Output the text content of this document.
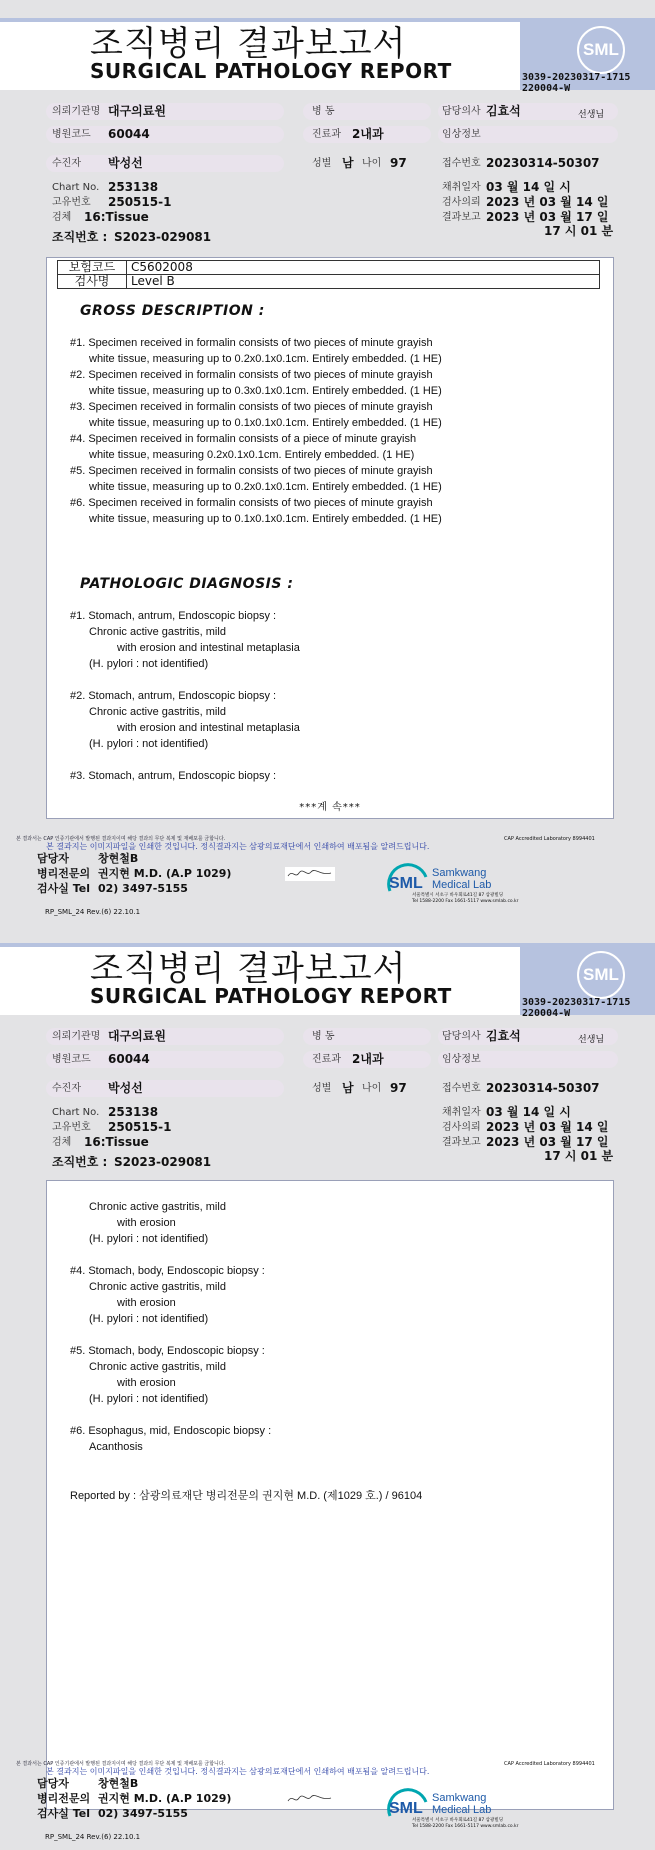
조직병리 결과보고서
SURGICAL PATHOLOGY REPORT
SML
3039-20230317-1715
220004-W
의뢰기관명 대구의료원	병 동	담당의사 김효석	선생님
병원코드 60044	진료과 2내과	임상정보
수진자 박성선	성별 남 나이 97	접수번호 20230314-50307
Chart No. 253138
고유번호 250515-1
검체 16:Tissue
조직번호 : S2023-029081
채취일자 03 월 14 일 시
검사의뢰 2023 년 03 월 14 일
결과보고 2023 년 03 월 17 일
17 시 01 분
보험코드	C5602008
검사명	Level B
GROSS DESCRIPTION :
#1. Specimen received in formalin consists of two pieces of minute grayish
white tissue, measuring up to 0.2x0.1x0.1cm. Entirely embedded. (1 HE)
#2. Specimen received in formalin consists of two pieces of minute grayish
white tissue, measuring up to 0.3x0.1x0.1cm. Entirely embedded. (1 HE)
#3. Specimen received in formalin consists of two pieces of minute grayish
white tissue, measuring up to 0.1x0.1x0.1cm. Entirely embedded. (1 HE)
#4. Specimen received in formalin consists of a piece of minute grayish
white tissue, measuring 0.2x0.1x0.1cm. Entirely embedded. (1 HE)
#5. Specimen received in formalin consists of two pieces of minute grayish
white tissue, measuring up to 0.2x0.1x0.1cm. Entirely embedded. (1 HE)
#6. Specimen received in formalin consists of two pieces of minute grayish
white tissue, measuring up to 0.1x0.1x0.1cm. Entirely embedded. (1 HE)
PATHOLOGIC DIAGNOSIS :
#1. Stomach, antrum, Endoscopic biopsy :
Chronic active gastritis, mild
with erosion and intestinal metaplasia
(H. pylori : not identified)
#2. Stomach, antrum, Endoscopic biopsy :
Chronic active gastritis, mild
with erosion and intestinal metaplasia
(H. pylori : not identified)
#3. Stomach, antrum, Endoscopic biopsy :
***계 속***
본 결과서는 CAP 인증기관에서 발행된 결과지이며 해당 결과의 무단 복제 및 재배포를 금합니다.	CAP Accredited Laboratory 8994401
본 결과지는 이미지파일을 인쇄한 것입니다. 정식결과지는 삼광의료재단에서 인쇄하여 배포됨을 알려드립니다.
담당자	창현철B
병리전문의 권지현 M.D. (A.P 1029)
검사실 Tel 02) 3497-5155	SML
Samkwang
Medical Lab
서울특별시 서초구 바우뫼로41길 87 삼광빌딩
Tel 1588-2200 Fax 1661-5117 www.smlab.co.kr
RP_SML_24 Rev.(6) 22.10.1
조직병리 결과보고서
SURGICAL PATHOLOGY REPORT
SML
3039-20230317-1715
220004-W
의뢰기관명 대구의료원	병 동	담당의사 김효석	선생님
병원코드 60044	진료과 2내과	임상정보
수진자 박성선	성별 남 나이 97	접수번호 20230314-50307
Chart No. 253138
고유번호 250515-1
검체 16:Tissue
조직번호 : S2023-029081
채취일자 03 월 14 일 시
검사의뢰 2023 년 03 월 14 일
결과보고 2023 년 03 월 17 일
17 시 01 분
Chronic active gastritis, mild
with erosion
(H. pylori : not identified)
#4. Stomach, body, Endoscopic biopsy :
Chronic active gastritis, mild
with erosion
(H. pylori : not identified)
#5. Stomach, body, Endoscopic biopsy :
Chronic active gastritis, mild
with erosion
(H. pylori : not identified)
#6. Esophagus, mid, Endoscopic biopsy :
Acanthosis
Reported by : 삼광의료재단 병리전문의 권지현 M.D. (제1029 호.) / 96104
본 결과서는 CAP 인증기관에서 발행된 결과지이며 해당 결과의 무단 복제 및 재배포를 금합니다.	CAP Accredited Laboratory 8994401
본 결과지는 이미지파일을 인쇄한 것입니다. 정식결과지는 삼광의료재단에서 인쇄하여 배포됨을 알려드립니다.
담당자	창현철B
병리전문의 권지현 M.D. (A.P 1029)
검사실 Tel 02) 3497-5155	SML
Samkwang
Medical Lab
서울특별시 서초구 바우뫼로41길 87 삼광빌딩
Tel 1588-2200 Fax 1661-5117 www.smlab.co.kr
RP_SML_24 Rev.(6) 22.10.1
